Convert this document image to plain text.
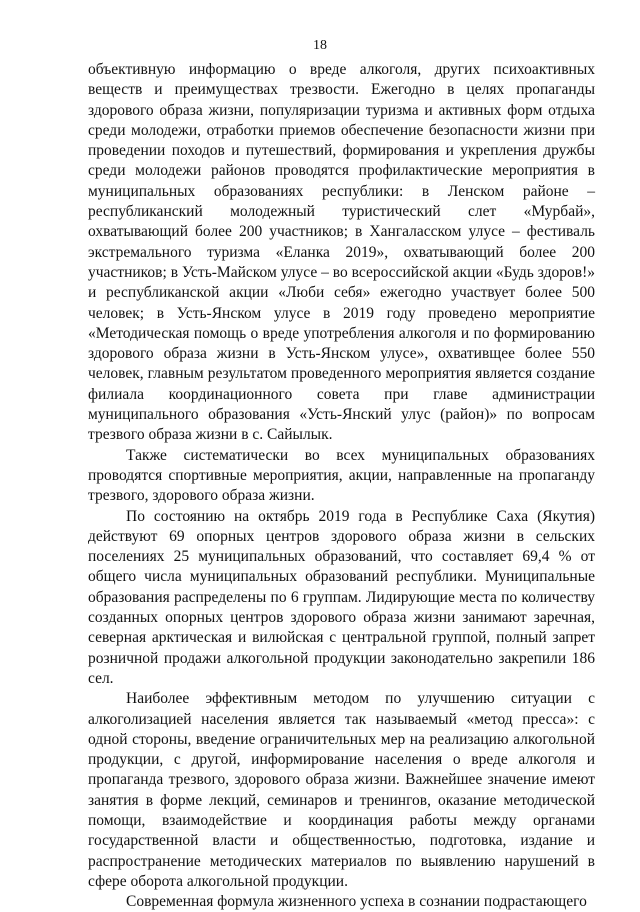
18

объективную информацию о вреде алкоголя, других психоактивных веществ и преимуществах трезвости. Ежегодно в целях пропаганды здорового образа жизни, популяризации туризма и активных форм отдыха среди молодежи, отработки приемов обеспечение безопасности жизни при проведении походов и путешествий, формирования и укрепления дружбы среди молодежи районов проводятся профилактические мероприятия в муниципальных образованиях республики: в Ленском районе – республиканский молодежный туристический слет «Мурбай», охватывающий более 200 участников; в Хангаласском улусе – фестиваль экстремального туризма «Еланка 2019», охватывающий более 200 участников; в Усть-Майском улусе – во всероссийской акции «Будь здоров!» и республиканской акции «Люби себя» ежегодно участвует более 500 человек; в Усть-Янском улусе в 2019 году проведено мероприятие «Методическая помощь о вреде употребления алкоголя и по формированию здорового образа жизни в Усть-Янском улусе», охвативщее более 550 человек, главным результатом проведенного мероприятия является создание филиала координационного совета при главе администрации муниципального образования «Усть-Янский улус (район)» по вопросам трезвого образа жизни в с. Сайылык.

Также систематически во всех муниципальных образованиях проводятся спортивные мероприятия, акции, направленные на пропаганду трезвого, здорового образа жизни.

По состоянию на октябрь 2019 года в Республике Саха (Якутия) действуют 69 опорных центров здорового образа жизни в сельских поселениях 25 муниципальных образований, что составляет 69,4 % от общего числа муниципальных образований республики. Муниципальные образования распределены по 6 группам. Лидирующие места по количеству созданных опорных центров здорового образа жизни занимают заречная, северная арктическая и вилюйская с центральной группой, полный запрет розничной продажи алкогольной продукции законодательно закрепили 186 сел.

Наиболее эффективным методом по улучшению ситуации с алкоголизацией населения является так называемый «метод пресса»: с одной стороны, введение ограничительных мер на реализацию алкогольной продукции, с другой, информирование населения о вреде алкоголя и пропаганда трезвого, здорового образа жизни. Важнейшее значение имеют занятия в форме лекций, семинаров и тренингов, оказание методической помощи, взаимодействие и координация работы между органами государственной власти и общественностью, подготовка, издание и распространение методических материалов по выявлению нарушений в сфере оборота алкогольной продукции.

Современная формула жизненного успеха в сознании подрастающего
